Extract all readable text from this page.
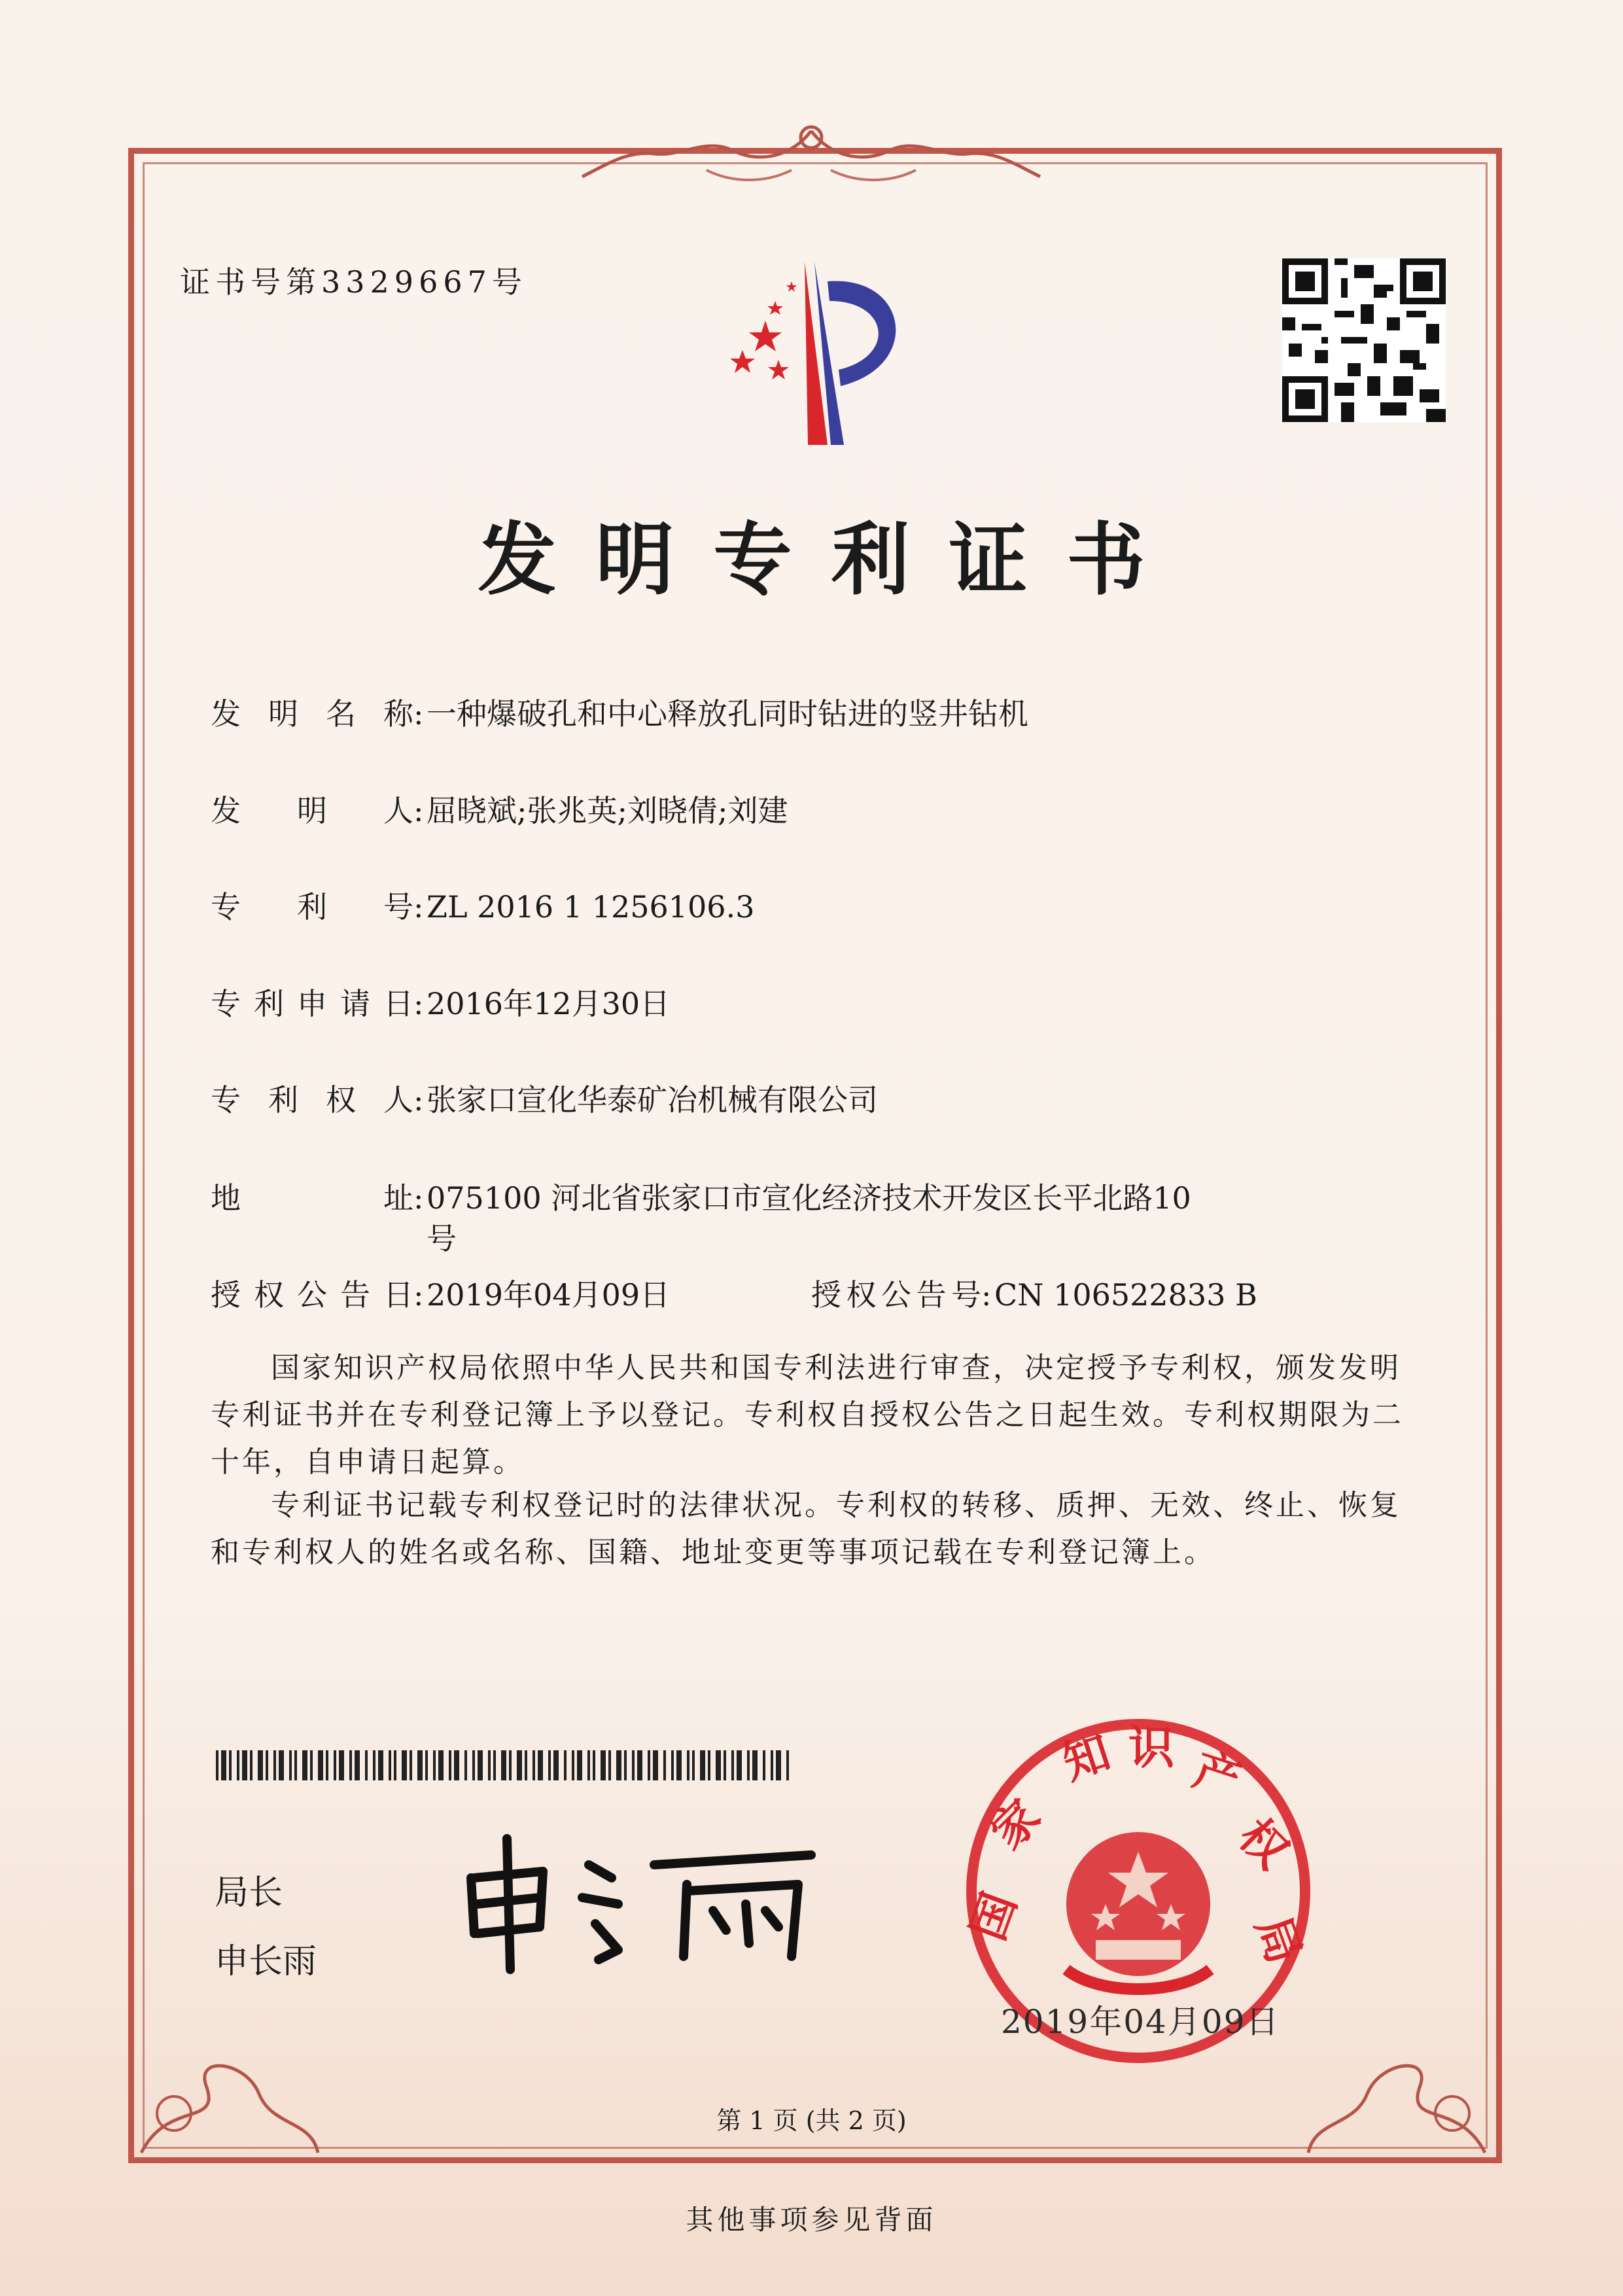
证书号第3329667号
发明专利证书
发明名称:一种爆破孔和中心释放孔同时钻进的竖井钻机
发明人:屈晓斌;张兆英;刘晓倩;刘建
专利号:ZL 2016 1 1256106.3
专利申请日:2016年12月30日
专利权人:张家口宣化华泰矿冶机械有限公司
地址:075100 河北省张家口市宣化经济技术开发区长平北路10号
授权公告日:2019年04月09日	授权公告号:CN 106522833 B
国家知识产权局依照中华人民共和国专利法进行审查，决定授予专利权，颁发发明专利证书并在专利登记簿上予以登记。专利权自授权公告之日起生效。专利权期限为二十年，自申请日起算。
专利证书记载专利权登记时的法律状况。专利权的转移、质押、无效、终止、恢复和专利权人的姓名或名称、国籍、地址变更等事项记载在专利登记簿上。
局长
申长雨
国
家
知 识 产
权
局
2019年04月09日
第 1 页 (共 2 页)
其他事项参见背面
